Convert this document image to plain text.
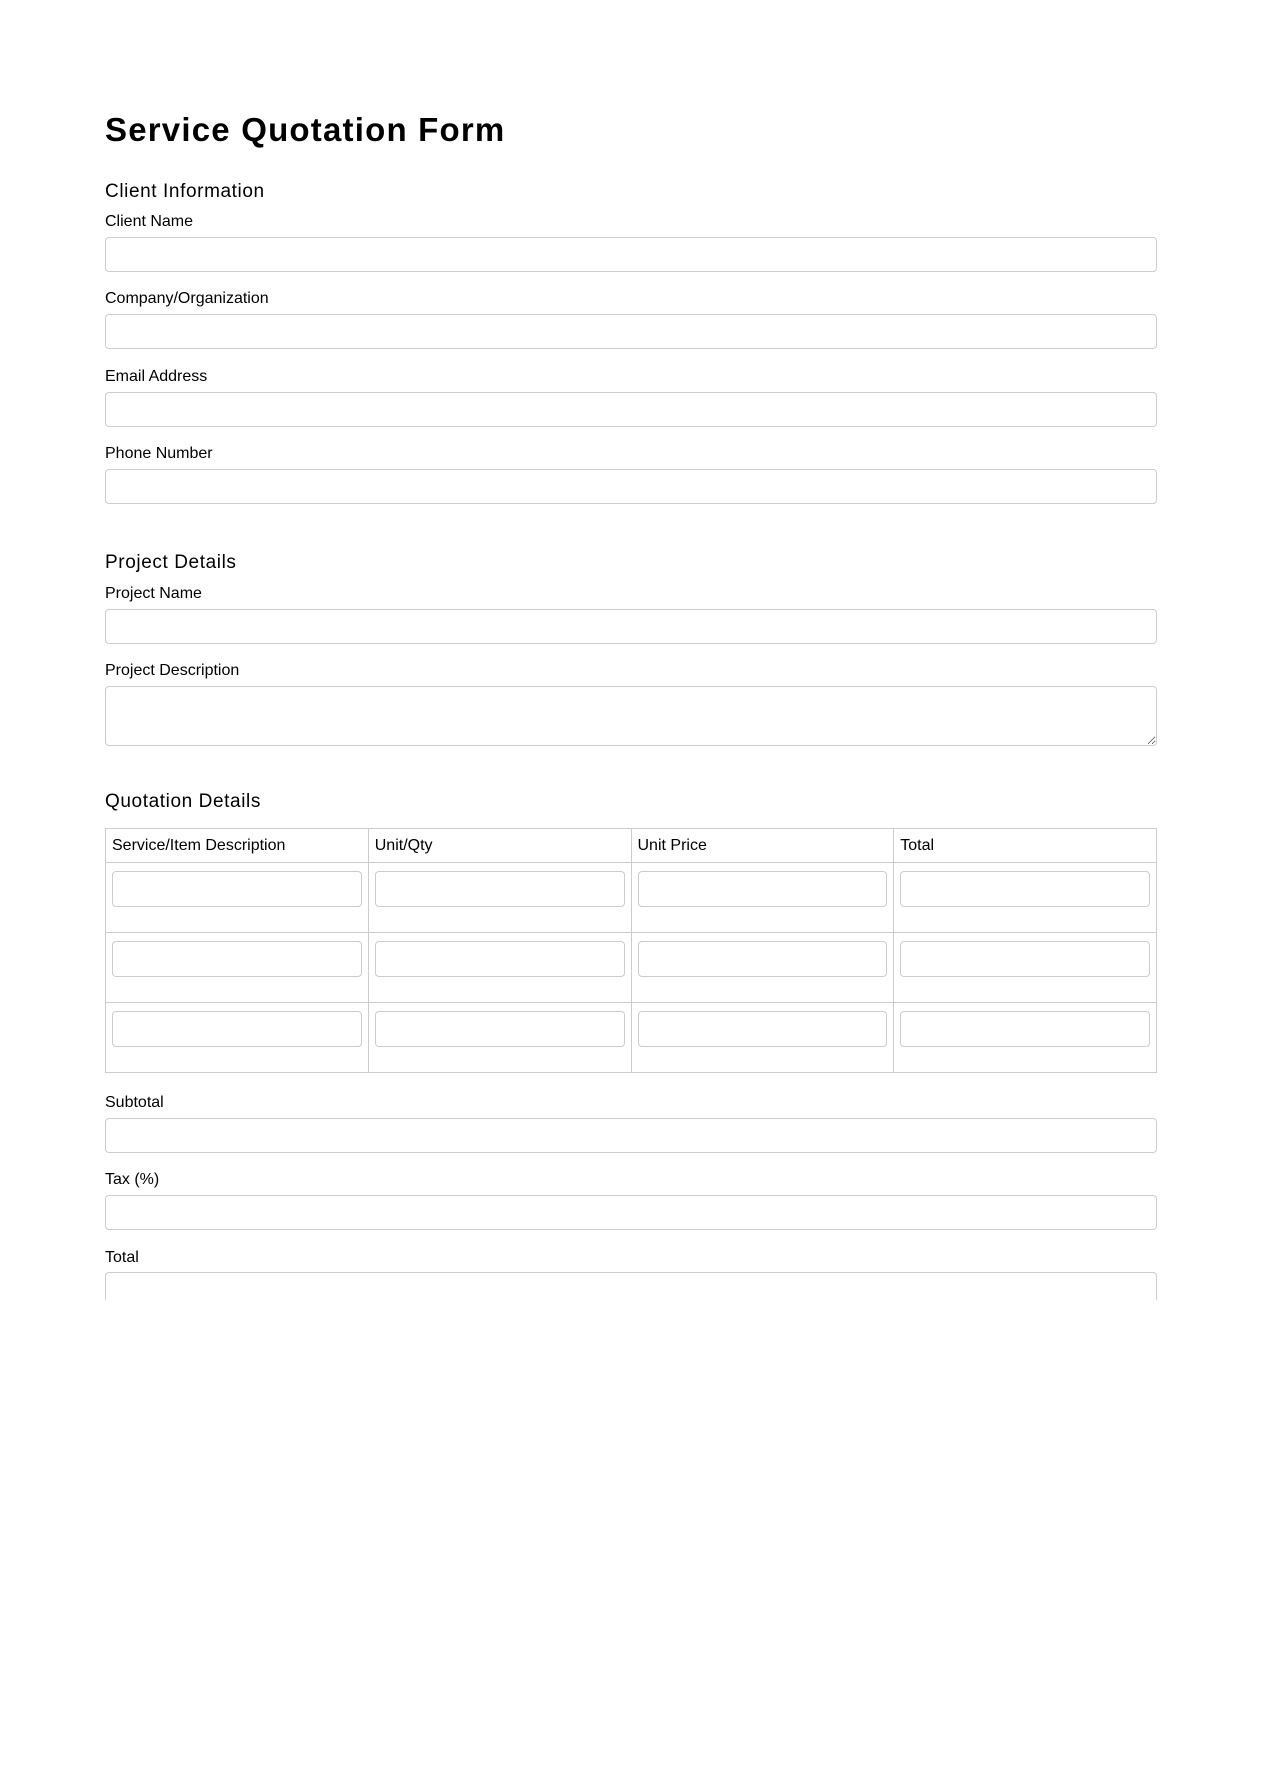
Service Quotation Form
Client Information
Client Name
Company/Organization
Email Address
Phone Number
Project Details
Project Name
Project Description
Quotation Details
Service/Item Description	Unit/Qty	Unit Price	Total

Subtotal
Tax (%)
Total
